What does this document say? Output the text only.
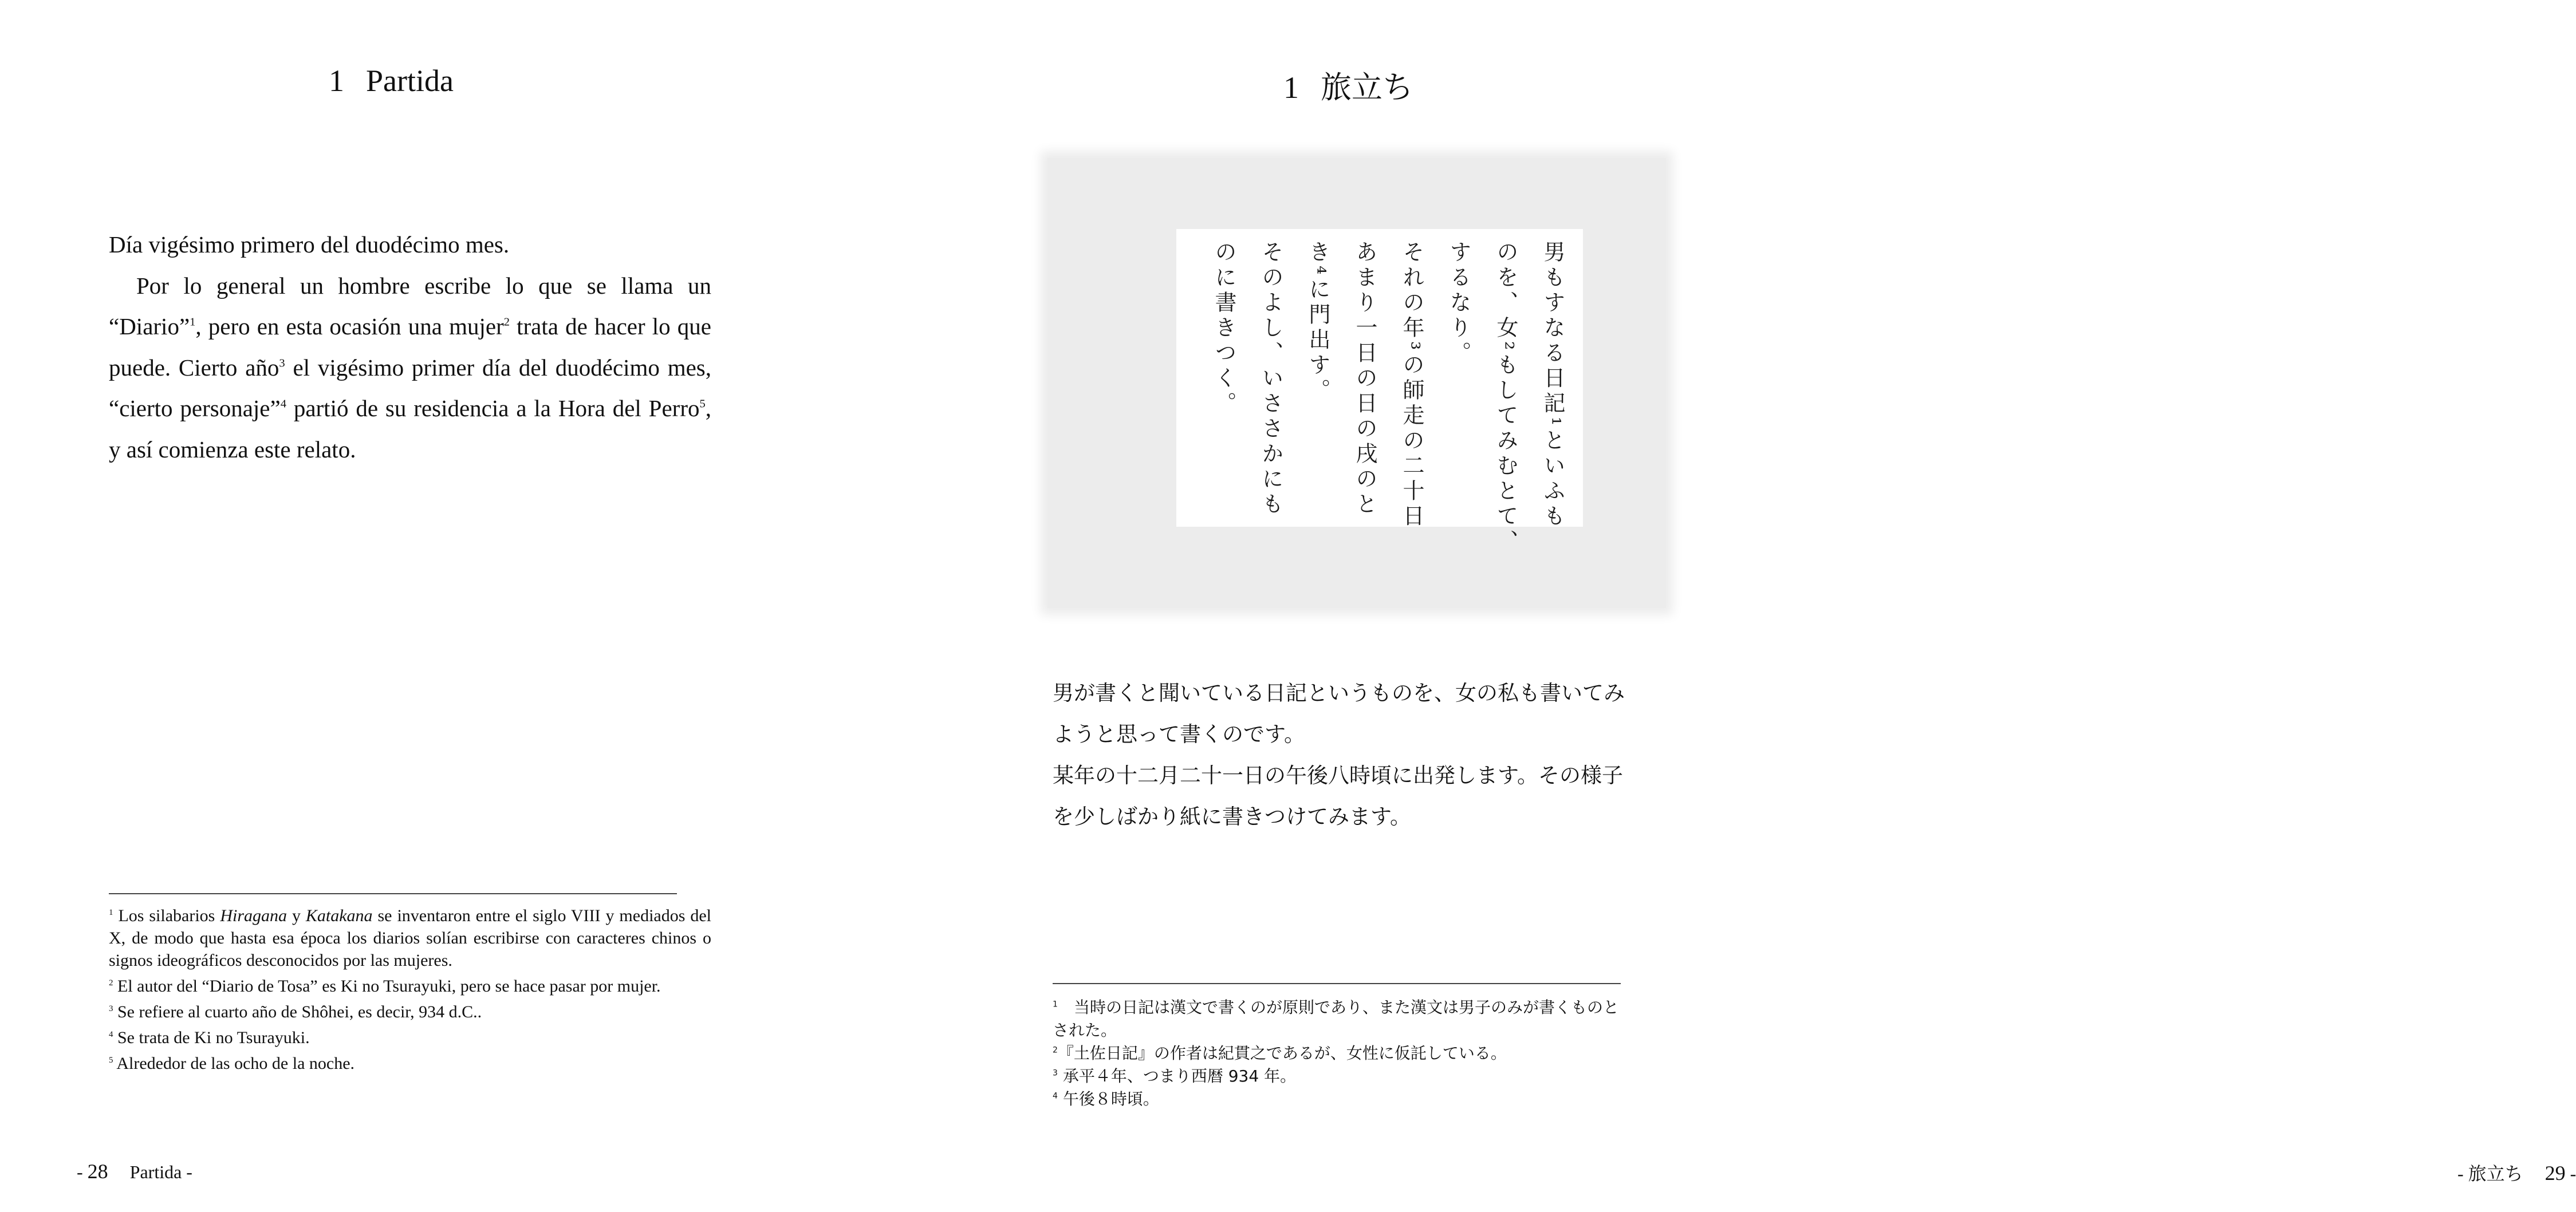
1 Partida

Día vigésimo primero del duodécimo mes.

Por lo general un hombre escribe lo que se llama un “Diario”$^1$, pero en esta ocasión una mujer$^2$ trata de hacer lo que puede. Cierto año$^3$ el vigésimo primer día del duodécimo mes, “cierto personaje”$^4$ partió de su residencia a la Hora del Perro$^5$, y así comienza este relato.

$^1$ Los silabarios Hiragana y Katakana se inventaron entre el siglo VIII y mediados del X, de modo que hasta esa época los diarios solían escribirse con caracteres chinos o signos ideográficos desconocidos por las mujeres.

$^2$ El autor del “Diario de Tosa” es Ki no Tsurayuki, pero se hace pasar por mujer.

$^3$ Se refiere al cuarto año de Shôhei, es decir, 934 d.C..

$^4$ Se trata de Ki no Tsurayuki.

$^5$ Alrededor de las ocho de la noche.

- 28 Partida -
1 旅立ち
男もすなる日記¹といふも
のを、女²もしてみむとて、
するなり。
それの年³の師走の二十日
あまり一日の日の戌のと
き⁴に門出す。
そのよし、いささかにも
のに書きつく。

男が書くと聞いている日記というものを、女の私も書いてみ

ようと思って書くのです。

某年の十二月二十一日の午後八時頃に出発します。その様子

を少しばかり紙に書きつけてみます。

$^1$　 当時の日記は漢文で書くのが原則であり、また漢文は男子のみが書くものと

された。

$^2$『土佐日記』の作者は紀貫之であるが、女性に仮託している。

$^3$ 承平４年、つまり西暦 934 年。

$^4$ 午後８時頃。

- 旅立ち 29 -
